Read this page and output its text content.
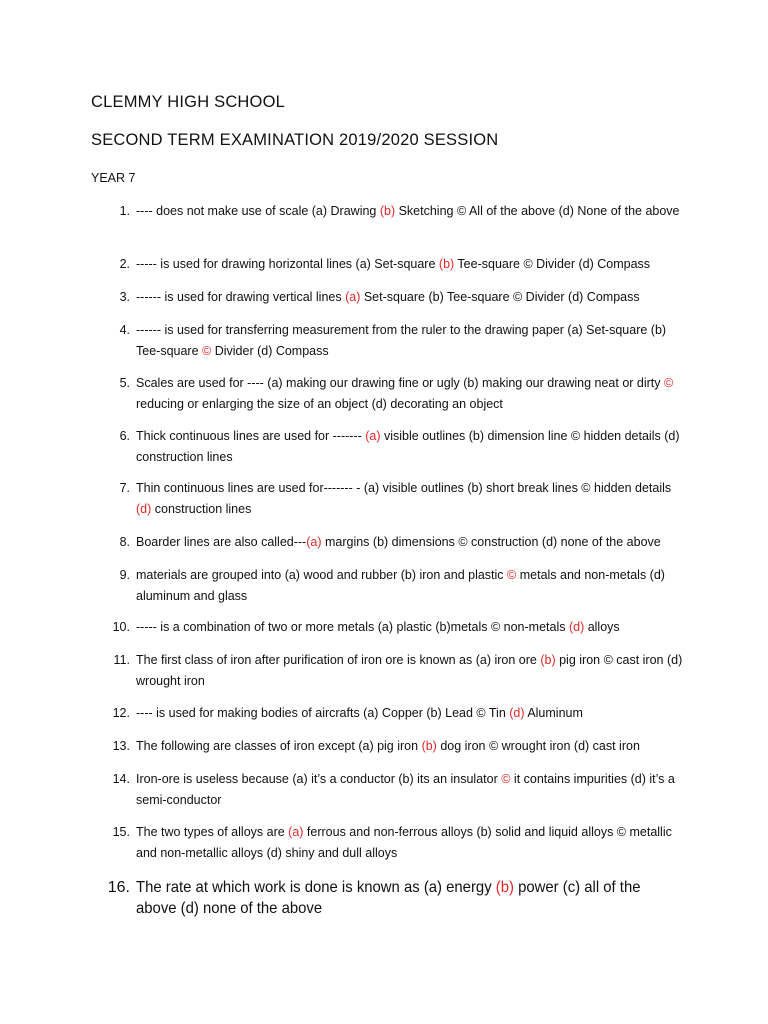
CLEMMY HIGH SCHOOL
SECOND TERM EXAMINATION 2019/2020 SESSION
YEAR 7
1. ---- does not make use of scale (a) Drawing (b) Sketching © All of the above (d) None of the above
2. ----- is used for drawing horizontal lines (a) Set-square (b) Tee-square © Divider (d) Compass
3. ------ is used for drawing vertical lines (a) Set-square (b) Tee-square © Divider (d) Compass
4. ------ is used for transferring measurement from the ruler to the drawing paper (a) Set-square (b) Tee-square © Divider (d) Compass
5. Scales are used for ---- (a) making our drawing fine or ugly (b) making our drawing neat or dirty © reducing or enlarging the size of an object (d) decorating an object
6. Thick continuous lines are used for ------- (a) visible outlines (b) dimension line © hidden details (d) construction lines
7. Thin continuous lines are used for------- - (a) visible outlines (b) short break lines © hidden details (d) construction lines
8. Boarder lines are also called---(a) margins (b) dimensions © construction (d) none of the above
9. materials are grouped into (a) wood and rubber (b) iron and plastic © metals and non-metals (d) aluminum and glass
10. ----- is a combination of two or more metals (a) plastic (b)metals © non-metals (d) alloys
11. The first class of iron after purification of iron ore is known as (a) iron ore (b) pig iron © cast iron (d) wrought iron
12. ---- is used for making bodies of aircrafts (a) Copper (b) Lead © Tin (d) Aluminum
13. The following are classes of iron except (a) pig iron (b) dog iron © wrought iron (d) cast iron
14. Iron-ore is useless because (a) it’s a conductor (b) its an insulator © it contains impurities (d) it’s a semi-conductor
15. The two types of alloys are (a) ferrous and non-ferrous alloys (b) solid and liquid alloys © metallic and non-metallic alloys (d) shiny and dull alloys
16. The rate at which work is done is known as (a) energy (b) power (c) all of the above (d) none of the above
